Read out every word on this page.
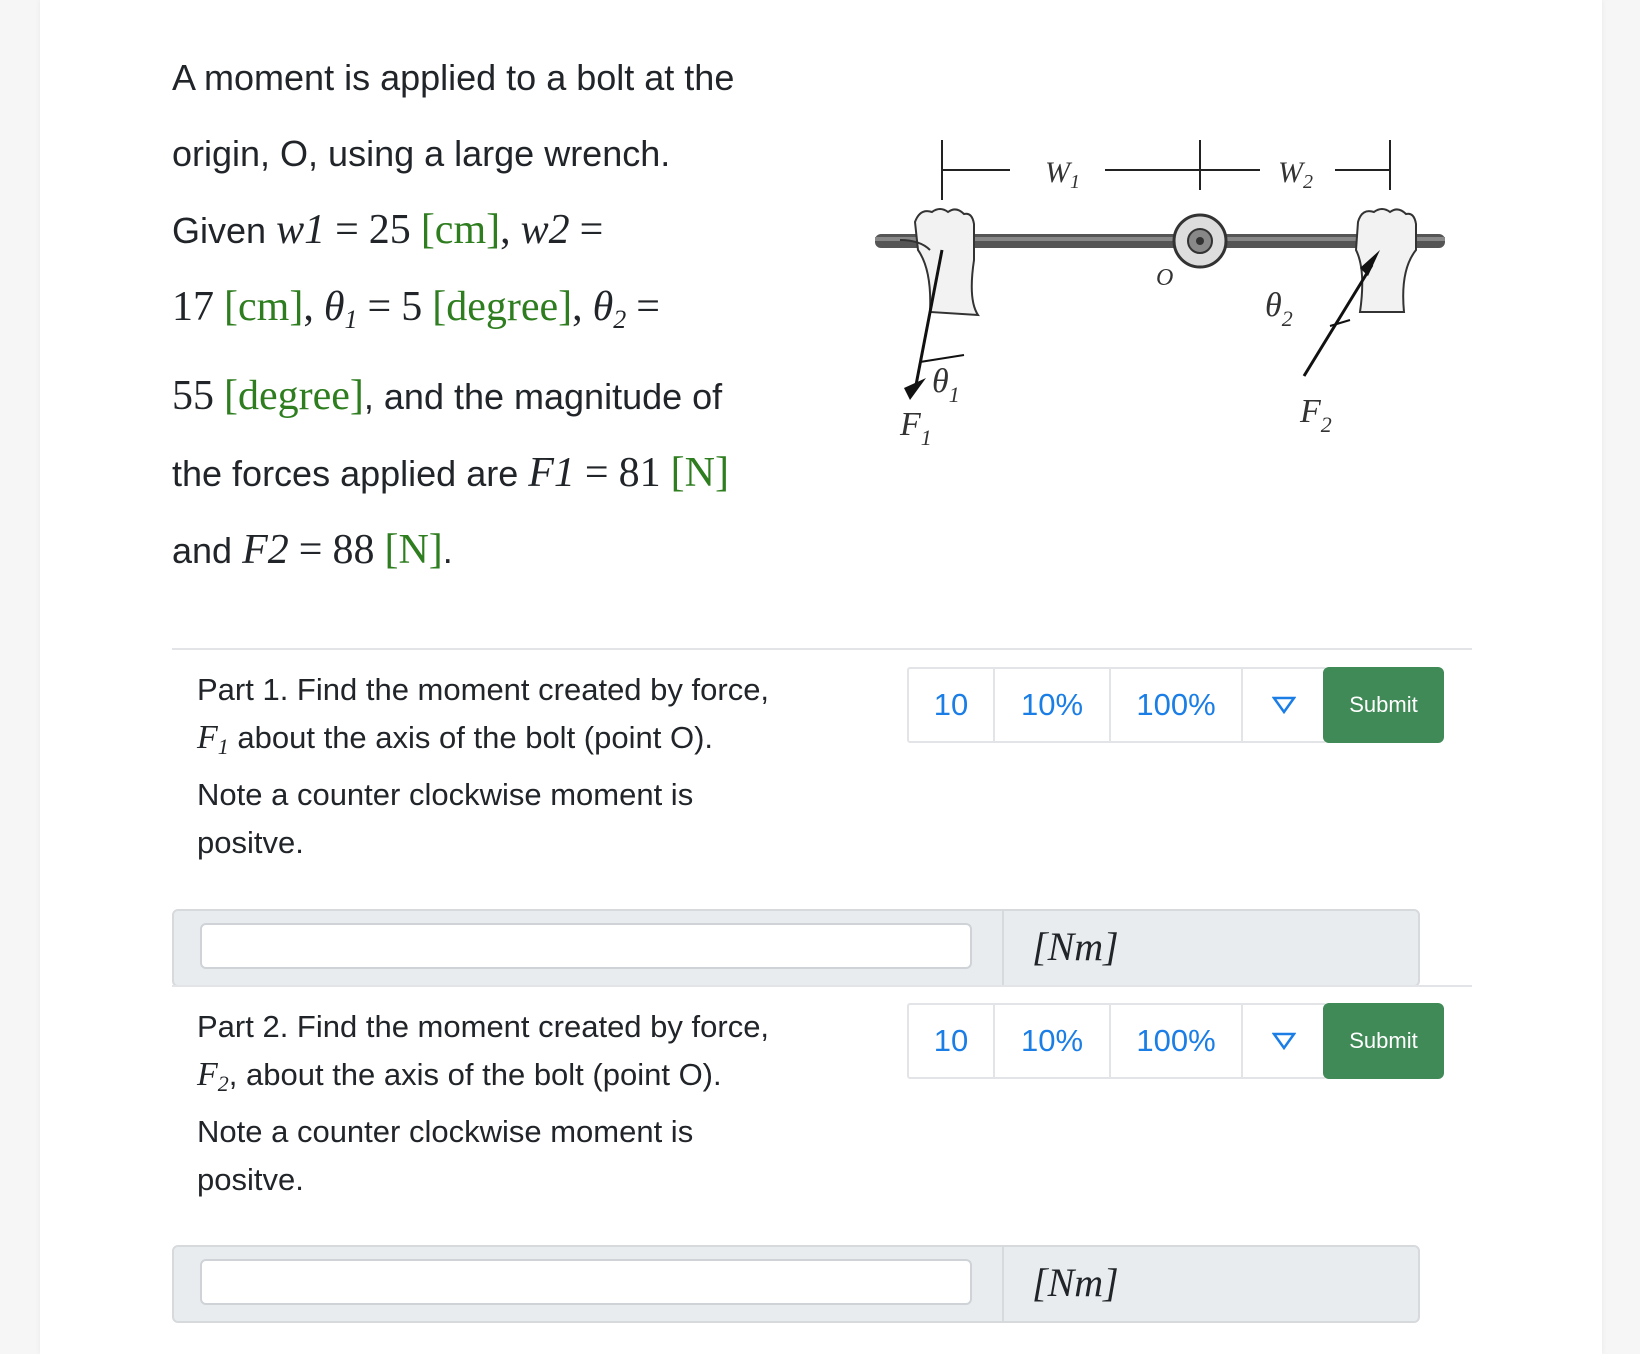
A moment is applied to a bolt at the
origin, O, using a large wrench.
Given w1 = 25 [cm], w2 =
17 [cm], $\theta_1 = 5$ [degree], $\theta_2$ =
55 [degree], and the magnitude of
the forces applied are F1 = 81 [N]
and F2 = 88 [N].
$W_1$	$W_2$
O
$\theta_1$
$F_1$
$\theta_2$
$F_2$
Part 1. Find the moment created by force,
F1 about the axis of the bolt (point O).
Note a counter clockwise moment is
positve.
10	10%	100%	Submit
[Nm]
Part 2. Find the moment created by force,
F2, about the axis of the bolt (point O).
Note a counter clockwise moment is
positve.
10	10%	100%	Submit
[Nm]
